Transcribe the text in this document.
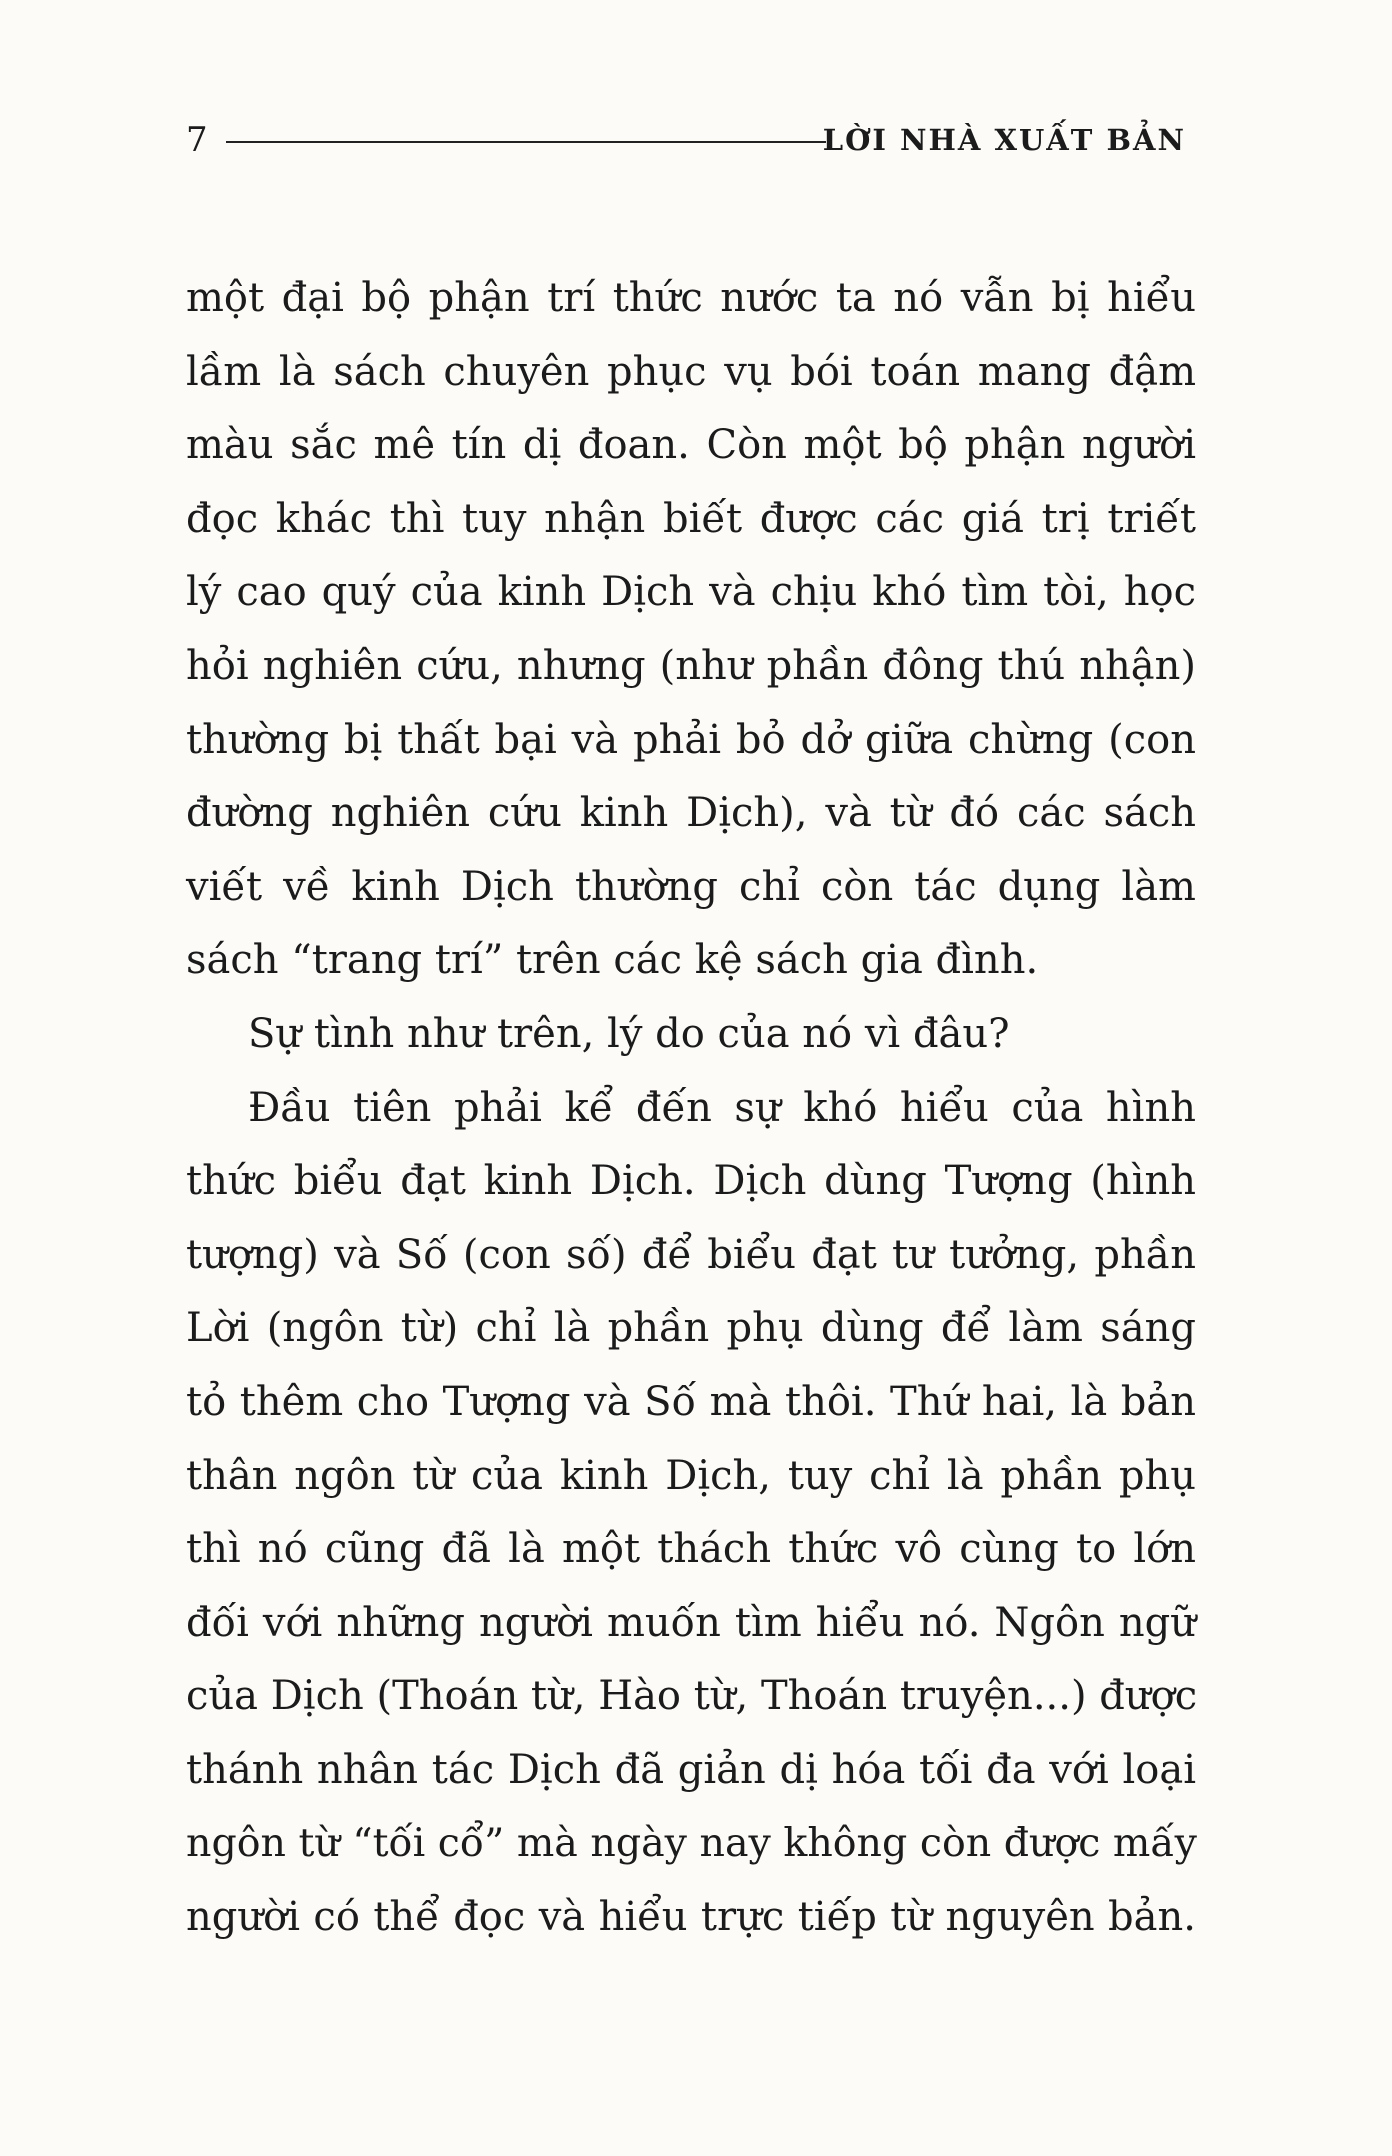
7	LỜI NHÀ XUẤT BẢN
một đại bộ phận trí thức nước ta nó vẫn bị hiểu
lầm là sách chuyên phục vụ bói toán mang đậm
màu sắc mê tín dị đoan. Còn một bộ phận người
đọc khác thì tuy nhận biết được các giá trị triết
lý cao quý của kinh Dịch và chịu khó tìm tòi, học
hỏi nghiên cứu, nhưng (như phần đông thú nhận)
thường bị thất bại và phải bỏ dở giữa chừng (con
đường nghiên cứu kinh Dịch), và từ đó các sách
viết về kinh Dịch thường chỉ còn tác dụng làm
sách “trang trí” trên các kệ sách gia đình.
Sự tình như trên, lý do của nó vì đâu?
Đầu tiên phải kể đến sự khó hiểu của hình
thức biểu đạt kinh Dịch. Dịch dùng Tượng (hình
tượng) và Số (con số) để biểu đạt tư tưởng, phần
Lời (ngôn từ) chỉ là phần phụ dùng để làm sáng
tỏ thêm cho Tượng và Số mà thôi. Thứ hai, là bản
thân ngôn từ của kinh Dịch, tuy chỉ là phần phụ
thì nó cũng đã là một thách thức vô cùng to lớn
đối với những người muốn tìm hiểu nó. Ngôn ngữ
của Dịch (Thoán từ, Hào từ, Thoán truyện...) được
thánh nhân tác Dịch đã giản dị hóa tối đa với loại
ngôn từ “tối cổ” mà ngày nay không còn được mấy
người có thể đọc và hiểu trực tiếp từ nguyên bản.
